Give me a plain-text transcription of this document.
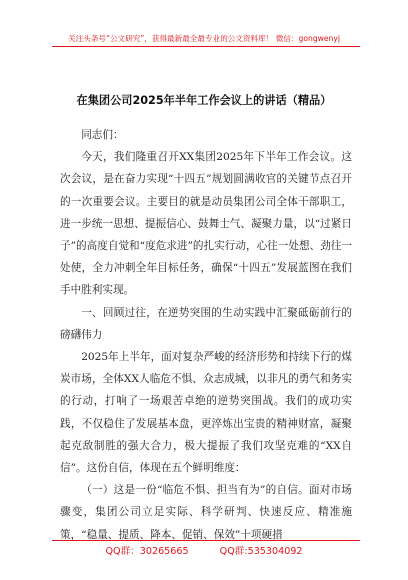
关注头条号“公文研究”，获得最新最全最专业的公文资料库！ 微信：gongwenyj
在集团公司2025年半年工作会议上的讲话（精品）

同志们：

今天，我们隆重召开XX集团2025年下半年工作会议。这次会议，是在奋力实现“十四五”规划圆满收官的关键节点召开的一次重要会议。主要目的就是动员集团公司全体干部职工，进一步统一思想、提振信心、鼓舞士气、凝聚力量，以“过紧日子”的高度自觉和“度危求进”的扎实行动，心往一处想、劲往一处使，全力冲刺全年目标任务，确保“十四五”发展蓝图在我们手中胜利实现。

一、回顾过往，在逆势突围的生动实践中汇聚砥砺前行的磅礴伟力

2025年上半年，面对复杂严峻的经济形势和持续下行的煤炭市场，全体XX人临危不惧、众志成城，以非凡的勇气和务实的行动，打响了一场艰苦卓绝的逆势突围战。我们的成功实践，不仅稳住了发展基本盘，更淬炼出宝贵的精神财富，凝聚起克敌制胜的强大合力，极大提振了我们攻坚克难的“XX自信”。这份自信，体现在五个鲜明维度：

（一）这是一份“临危不惧、担当有为”的自信。面对市场骤变，集团公司立足实际、科学研判、快速反应、精准施策，“稳量、提质、降本、促销、保效”十项硬措

QQ群：30265665	QQ群:535304092
